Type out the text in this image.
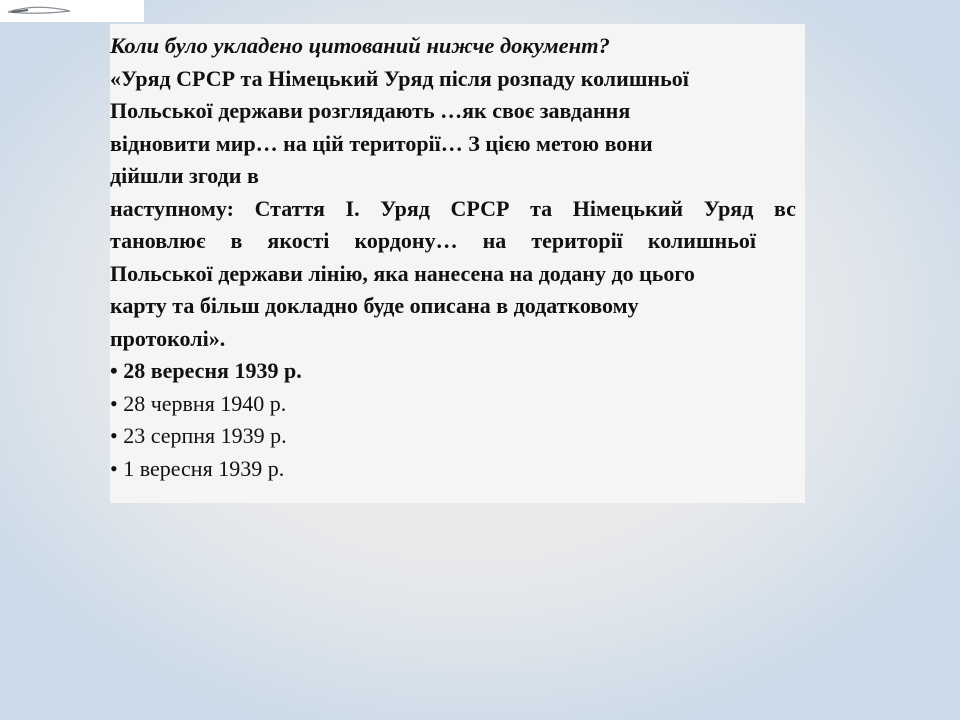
Коли було укладено цитований нижче документ?
«Уряд СРСР та Німецький Уряд після розпаду колишньої
Польської держави розглядають …як своє завдання
відновити мир… на цій території… З цією метою вони
дійшли згоди в
наступному: Стаття І. Уряд СРСР та Німецький Уряд вс
тановлює в якості кордону… на території колишньої
Польської держави лінію, яка нанесена на додану до цього
карту та більш докладно буде описана в додатковому
протоколі».
• 28 вересня 1939 р.
• 28 червня 1940 р.
• 23 серпня 1939 р.
• 1 вересня 1939 р.
